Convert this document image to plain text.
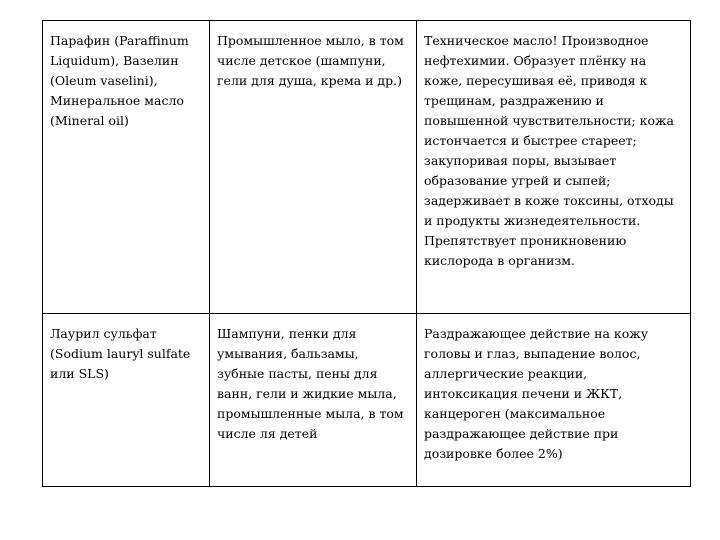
Парафин (Paraffinum Liquidum), Вазелин (Oleum vaselini), Минеральное масло (Mineral oil)	Промышленное мыло, в том числе детское (шампуни, гели для душа, крема и др.)	Техническое масло! Производное нефтехимии. Образует плёнку на коже, пересушивая её, приводя к трещинам, раздражению и повышенной чувствительности; кожа истончается и быстрее стареет; закупоривая поры, вызывает образование угрей и сыпей; задерживает в коже токсины, отходы и продукты жизнедеятельности. Препятствует проникновению кислорода в организм.
Лаурил сульфат (Sodium lauryl sulfate или SLS)	Шампуни, пенки для умывания, бальзамы, зубные пасты, пены для ванн, гели и жидкие мыла, промышленные мыла, в том числе ля детей	Раздражающее действие на кожу головы и глаз, выпадение волос, аллергические реакции, интоксикация печени и ЖКТ, канцероген (максимальное раздражающее действие при дозировке более 2%)
